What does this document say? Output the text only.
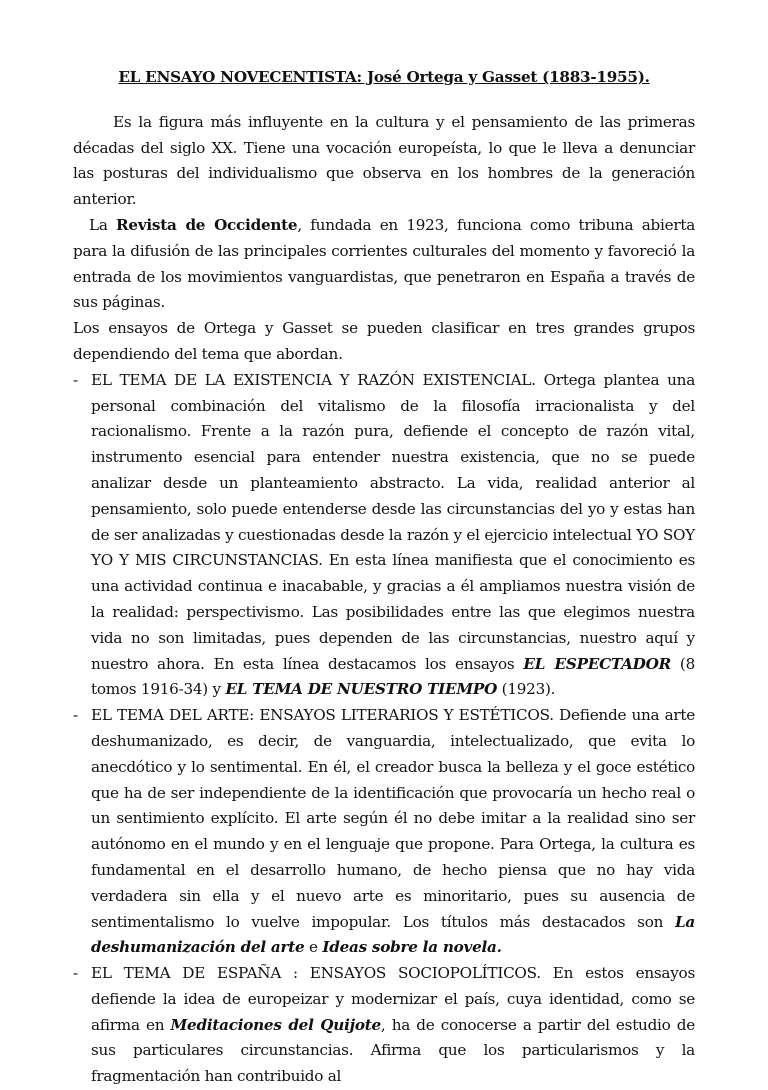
EL ENSAYO NOVECENTISTA: José Ortega y Gasset (1883-1955).

Es la figura más influyente en la cultura y el pensamiento de las primeras décadas del siglo XX. Tiene una vocación europeísta, lo que le lleva a denunciar las posturas del individualismo que observa en los hombres de la generación anterior.

La Revista de Occidente, fundada en 1923, funciona como tribuna abierta para la difusión de las principales corrientes culturales del momento y favoreció la entrada de los movimientos vanguardistas, que penetraron en España a través de sus páginas.

Los ensayos de Ortega y Gasset se pueden clasificar en tres grandes grupos dependiendo del tema que abordan.

- EL TEMA DE LA EXISTENCIA Y RAZÓN EXISTENCIAL. Ortega plantea una personal combinación del vitalismo de la filosofía irracionalista y del racionalismo. Frente a la razón pura, defiende el concepto de razón vital, instrumento esencial para entender nuestra existencia, que no se puede analizar desde un planteamiento abstracto. La vida, realidad anterior al pensamiento, solo puede entenderse desde las circunstancias del yo y estas han de ser analizadas y cuestionadas desde la razón y el ejercicio intelectual YO SOY YO Y MIS CIRCUNSTANCIAS. En esta línea manifiesta que el conocimiento es una actividad continua e inacabable, y gracias a él ampliamos nuestra visión de la realidad: perspectivismo. Las posibilidades entre las que elegimos nuestra vida no son limitadas, pues dependen de las circunstancias, nuestro aquí y nuestro ahora. En esta línea destacamos los ensayos EL ESPECTADOR (8 tomos 1916-34) y EL TEMA DE NUESTRO TIEMPO (1923).
- EL TEMA DEL ARTE: ENSAYOS LITERARIOS Y ESTÉTICOS. Defiende una arte deshumanizado, es decir, de vanguardia, intelectualizado, que evita lo anecdótico y lo sentimental. En él, el creador busca la belleza y el goce estético que ha de ser independiente de la identificación que provocaría un hecho real o un sentimiento explícito. El arte según él no debe imitar a la realidad sino ser autónomo en el mundo y en el lenguaje que propone. Para Ortega, la cultura es fundamental en el desarrollo humano, de hecho piensa que no hay vida verdadera sin ella y el nuevo arte es minoritario, pues su ausencia de sentimentalismo lo vuelve impopular. Los títulos más destacados son La deshumanización del arte e Ideas sobre la novela.
- EL TEMA DE ESPAÑA : ENSAYOS SOCIOPOLÍTICOS. En estos ensayos defiende la idea de europeizar y modernizar el país, cuya identidad, como se afirma en Meditaciones del Quijote, ha de conocerse a partir del estudio de sus particulares circunstancias. Afirma que los particularismos y la fragmentación han contribuido al
